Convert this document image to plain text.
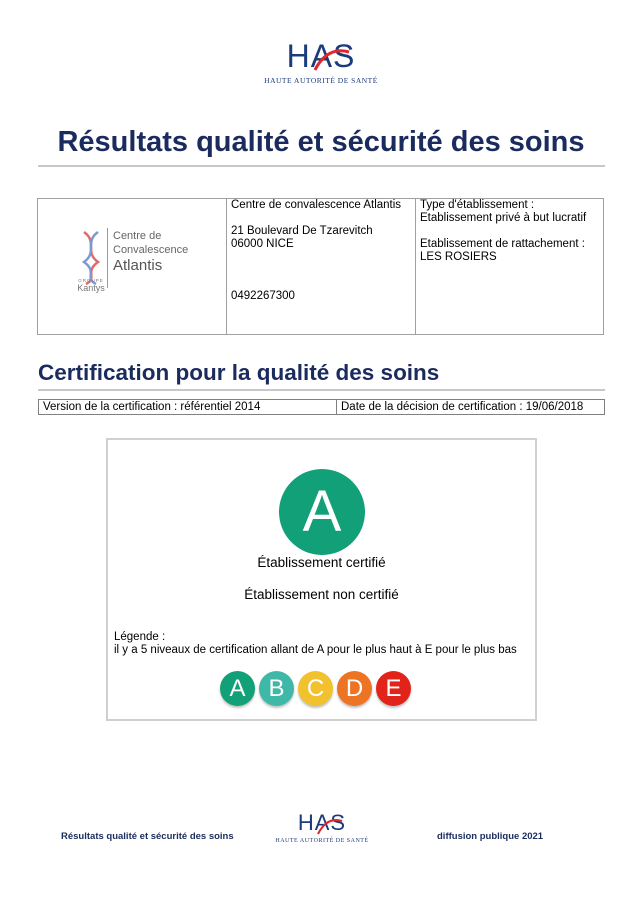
HAS
HAUTE AUTORITÉ DE SANTÉ
Résultats qualité et sécurité des soins
GROUPE
Kantys
Centre de
Convalescence
Atlantis
Centre de convalescence Atlantis
21 Boulevard De Tzarevitch
06000 NICE
0492267300
Type d'établissement :
Etablissement privé à but lucratif
Etablissement de rattachement :
LES ROSIERS
Certification pour la qualité des soins
Version de la certification : référentiel 2014	Date de la décision de certification : 19/06/2018
A
Établissement certifié
Établissement non certifié
Légende :
il y a 5 niveaux de certification allant de A pour le plus haut à E pour le plus bas
A B C D E
Résultats qualité et sécurité des soins
HAS
HAUTE AUTORITÉ DE SANTÉ	diffusion publique 2021
